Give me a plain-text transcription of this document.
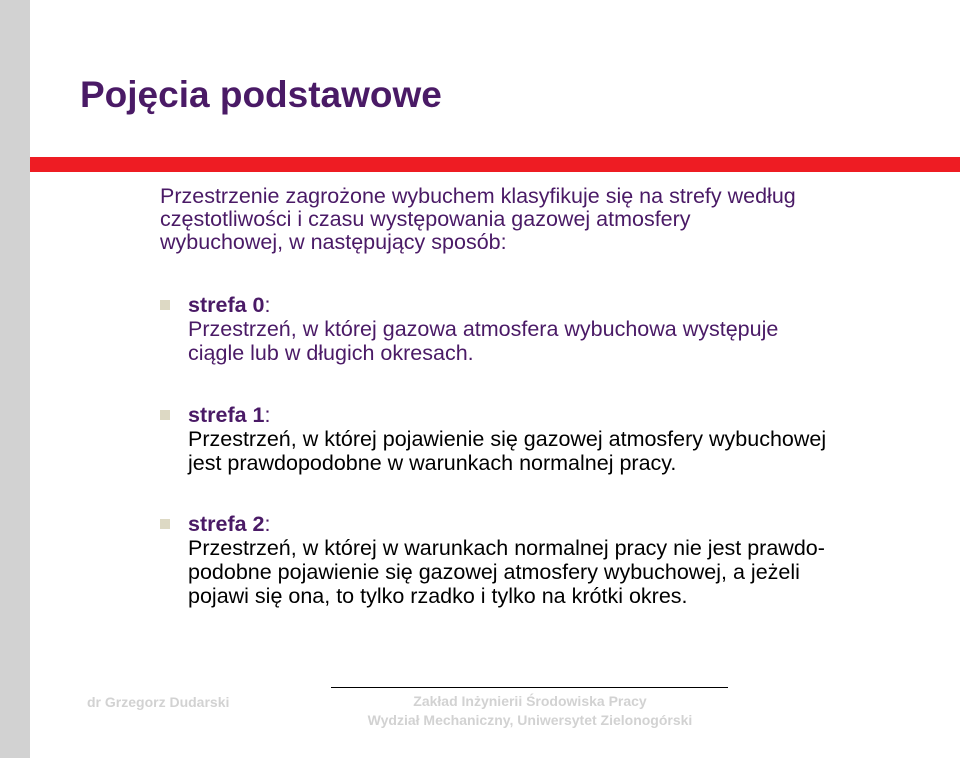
Pojęcia podstawowe
Przestrzenie zagrożone wybuchem klasyfikuje się na strefy według
częstotliwości i czasu występowania gazowej atmosfery
wybuchowej, w następujący sposób:
strefa 0:
Przestrzeń, w której gazowa atmosfera wybuchowa występuje
ciągle lub w długich okresach.
strefa 1:
Przestrzeń, w której pojawienie się gazowej atmosfery wybuchowej
jest prawdopodobne w warunkach normalnej pracy.
strefa 2:
Przestrzeń, w której w warunkach normalnej pracy nie jest prawdo-
podobne pojawienie się gazowej atmosfery wybuchowej, a jeżeli
pojawi się ona, to tylko rzadko i tylko na krótki okres.
dr Grzegorz Dudarski	Zakład Inżynierii Środowiska Pracy
Wydział Mechaniczny, Uniwersytet Zielonogórski
